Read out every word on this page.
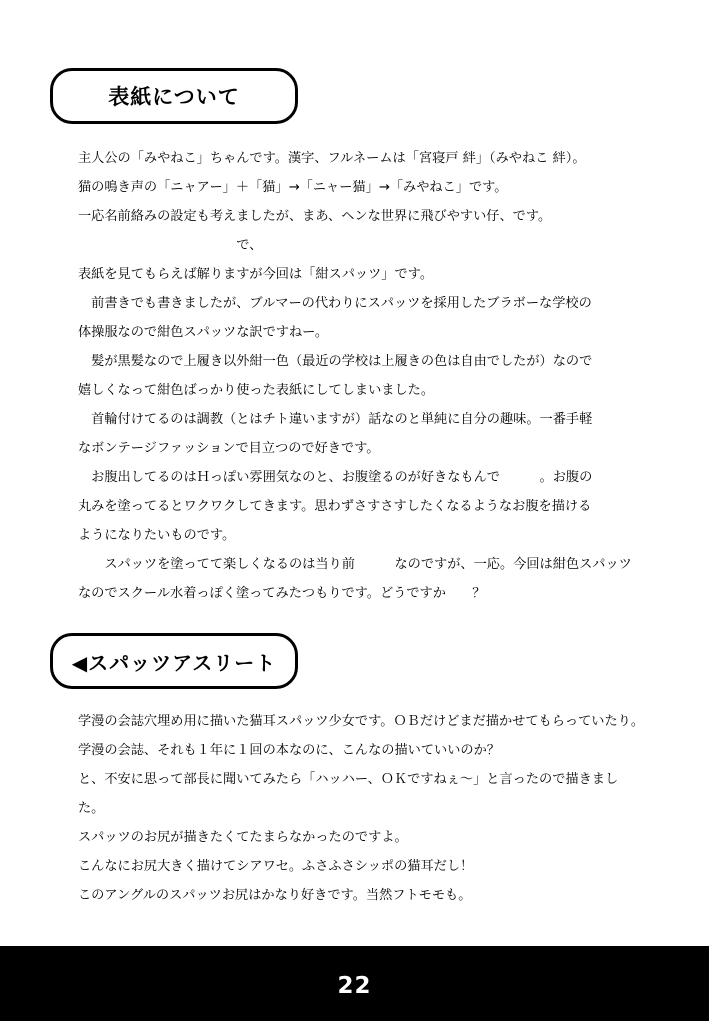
表紙について
主人公の「みやねこ」ちゃんです。漢字、フルネームは「宮寝戸 絆」（みやねこ 絆）。
猫の鳴き声の「ニャアー」＋「猫」→「ニャー猫」→「みやねこ」です。
一応名前絡みの設定も考えましたが、まあ、ヘンな世界に飛びやすい仔、です。
　　　　　　　　　　　　で、
表紙を見てもらえば解りますが今回は「紺スパッツ」です。
　前書きでも書きましたが、ブルマーの代わりにスパッツを採用したブラボーな学校の
体操服なので紺色スパッツな訳ですねー。
　髪が黒髪なので上履き以外紺一色（最近の学校は上履きの色は自由でしたが）なので
嬉しくなって紺色ばっかり使った表紙にしてしまいました。
　首輪付けてるのは調教（とはチト違いますが）話なのと単純に自分の趣味。一番手軽
なボンテージファッションで目立つので好きです。
　お腹出してるのはＨっぽい雰囲気なのと、お腹塗るのが好きなもんで　　　。お腹の
丸みを塗ってるとワクワクしてきます。思わずさすさすしたくなるようなお腹を描ける
ようになりたいものです。
　　スパッツを塗ってて楽しくなるのは当り前　　　なのですが、一応。今回は紺色スパッツ
なのでスクール水着っぽく塗ってみたつもりです。どうですか　　？
◀スパッツアスリート
学漫の会誌穴埋め用に描いた猫耳スパッツ少女です。ＯＢだけどまだ描かせてもらっていたり。
学漫の会誌、それも１年に１回の本なのに、こんなの描いていいのか？
と、不安に思って部長に聞いてみたら「ハッハー、ＯＫですねぇ～」と言ったので描きました。
スパッツのお尻が描きたくてたまらなかったのですよ。
こんなにお尻大きく描けてシアワセ。ふさふさシッポの猫耳だし！
このアングルのスパッツお尻はかなり好きです。当然フトモモも。
22
